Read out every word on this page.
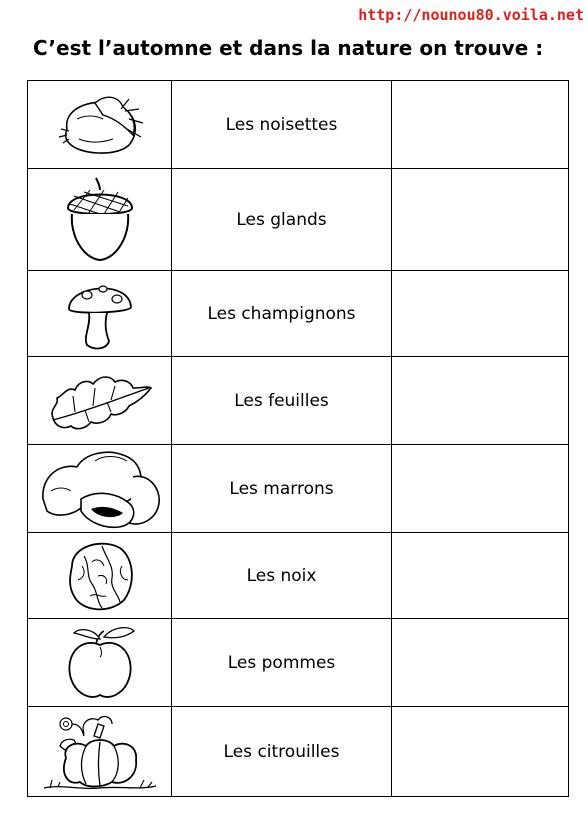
http://nounou80.voila.net
C’est l’automne et dans la nature on trouve :
	Les noisettes	

	Les glands	

	Les champignons	

	Les feuilles	

	Les marrons	

	Les noix	

	Les pommes	

	Les citrouilles	
